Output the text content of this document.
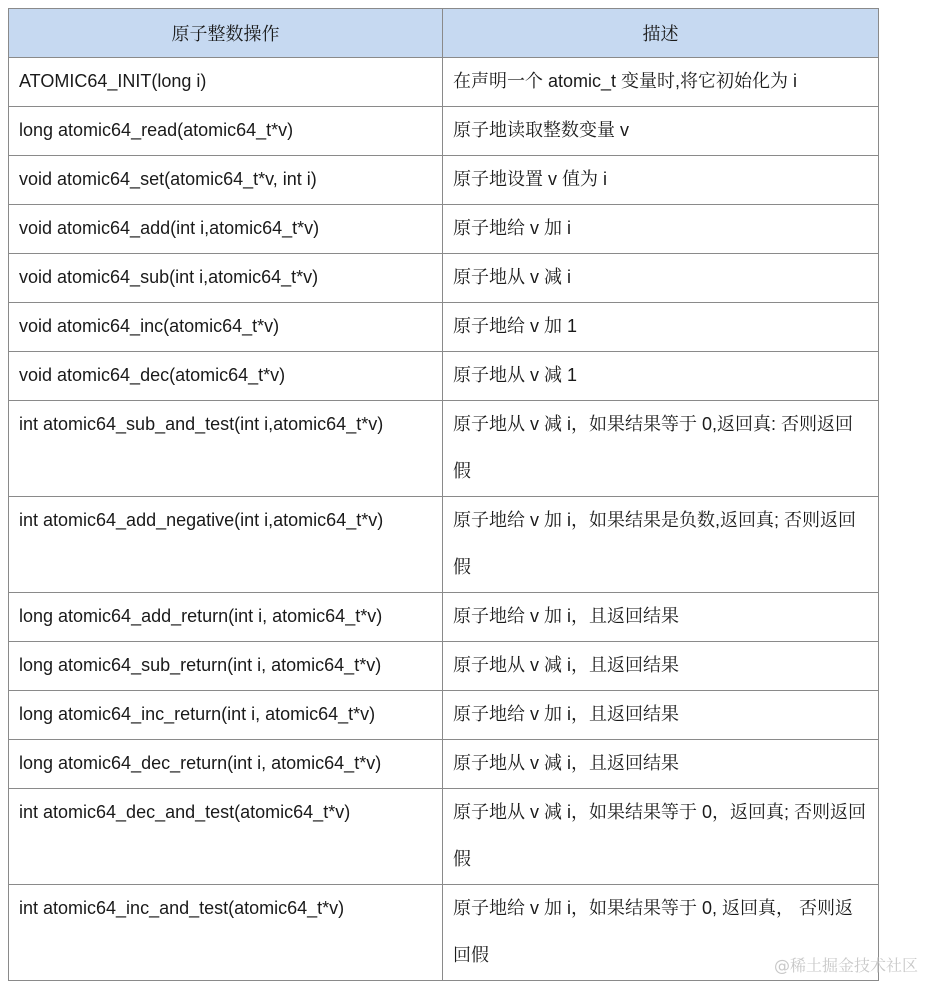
原子整数操作	描述
ATOMIC64_INIT(long i)	在声明一个 atomic_t 变量时,将它初始化为 i
long atomic64_read(atomic64_t*v)	原子地读取整数变量 v
void atomic64_set(atomic64_t*v, int i)	原子地设置 v 值为 i
void atomic64_add(int i,atomic64_t*v)	原子地给 v 加 i
void atomic64_sub(int i,atomic64_t*v)	原子地从 v 减 i
void atomic64_inc(atomic64_t*v)	原子地给 v 加 1
void atomic64_dec(atomic64_t*v)	原子地从 v 减 1
int atomic64_sub_and_test(int i,atomic64_t*v)	原子地从 v 减 i，如果结果等于 0,返回真: 否则返回假
int atomic64_add_negative(int i,atomic64_t*v)	原子地给 v 加 i，如果结果是负数,返回真; 否则返回假
long atomic64_add_return(int i, atomic64_t*v)	原子地给 v 加 i，且返回结果
long atomic64_sub_return(int i, atomic64_t*v)	原子地从 v 减 i，且返回结果
long atomic64_inc_return(int i, atomic64_t*v)	原子地给 v 加 i，且返回结果
long atomic64_dec_return(int i, atomic64_t*v)	原子地从 v 减 i，且返回结果
int atomic64_dec_and_test(atomic64_t*v)	原子地从 v 减 i，如果结果等于 0，返回真; 否则返回假
int atomic64_inc_and_test(atomic64_t*v)	原子地给 v 加 i，如果结果等于 0, 返回真， 否则返回假
@稀土掘金技术社区
